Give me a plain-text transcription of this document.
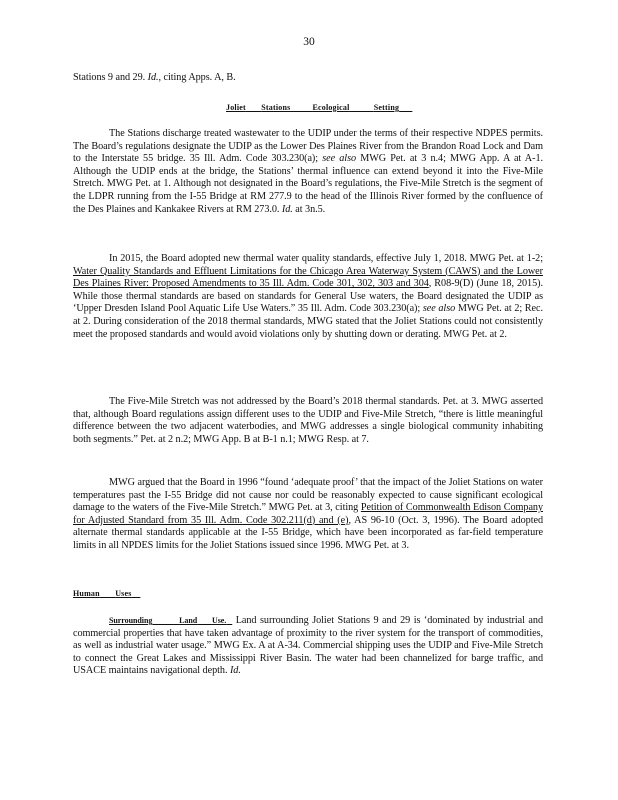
30
Stations 9 and 29. Id., citing Apps. A, B.
Joliet Stations	Ecological	Setting
The Stations discharge treated wastewater to the UDIP under the terms of their respective NDPES permits. The Board’s regulations designate the UDIP as the Lower Des Plaines River from the Brandon Road Lock and Dam to the Interstate 55 bridge. 35 Ill. Adm. Code 303.230(a); see also MWG Pet. at 3 n.4; MWG App. A at A-1. Although the UDIP ends at the bridge, the Stations’ thermal influence can extend beyond it into the Five-Mile Stretch. MWG Pet. at 1. Although not designated in the Board’s regulations, the Five-Mile Stretch is the segment of the LDPR running from the I-55 Bridge at RM 277.9 to the head of the Illinois River formed by the confluence of the Des Plaines and Kankakee Rivers at RM 273.0. Id. at 3n.5.
In 2015, the Board adopted new thermal water quality standards, effective July 1, 2018. MWG Pet. at 1-2; Water Quality Standards and Effluent Limitations for the Chicago Area Waterway System (CAWS) and the Lower Des Plaines River: Proposed Amendments to 35 Ill. Adm. Code 301, 302, 303 and 304, R08-9(D) (June 18, 2015). While those thermal standards are based on standards for General Use waters, the Board designated the UDIP as ‘Upper Dresden Island Pool Aquatic Life Use Waters.” 35 Ill. Adm. Code 303.230(a); see also MWG Pet. at 2; Rec. at 2. During consideration of the 2018 thermal standards, MWG stated that the Joliet Stations could not consistently meet the proposed standards and would avoid violations only by shutting down or derating. MWG Pet. at 2.
The Five-Mile Stretch was not addressed by the Board’s 2018 thermal standards. Pet. at 3. MWG asserted that, although Board regulations assign different uses to the UDIP and Five-Mile Stretch, “there is little meaningful difference between the two adjacent waterbodies, and MWG addresses a single biological community inhabiting both segments.” Pet. at 2 n.2; MWG App. B at B-1 n.1; MWG Resp. at 7.
MWG argued that the Board in 1996 “found ‘adequate proof’ that the impact of the Joliet Stations on water temperatures past the I-55 Bridge did not cause nor could be reasonably expected to cause significant ecological damage to the waters of the Five-Mile Stretch.” MWG Pet. at 3, citing Petition of Commonwealth Edison Company for Adjusted Standard from 35 Ill. Adm. Code 302.211(d) and (e), AS 96-10 (Oct. 3, 1996). The Board adopted alternate thermal standards applicable at the I-55 Bridge, which have been incorporated as far-field temperature limits in all NPDES limits for the Joliet Stations issued since 1996. MWG Pet. at 3.
Human Uses
Surrounding	Land Use.   Land surrounding Joliet Stations 9 and 29 is ‘dominated by industrial and commercial properties that have taken advantage of proximity to the river system for the transport of commodities, as well as industrial water usage.” MWG Ex. A at A-34. Commercial shipping uses the UDIP and Five-Mile Stretch to connect the Great Lakes and Mississippi River Basin. The water had been channelized for barge traffic, and USACE maintains navigational depth. Id.
